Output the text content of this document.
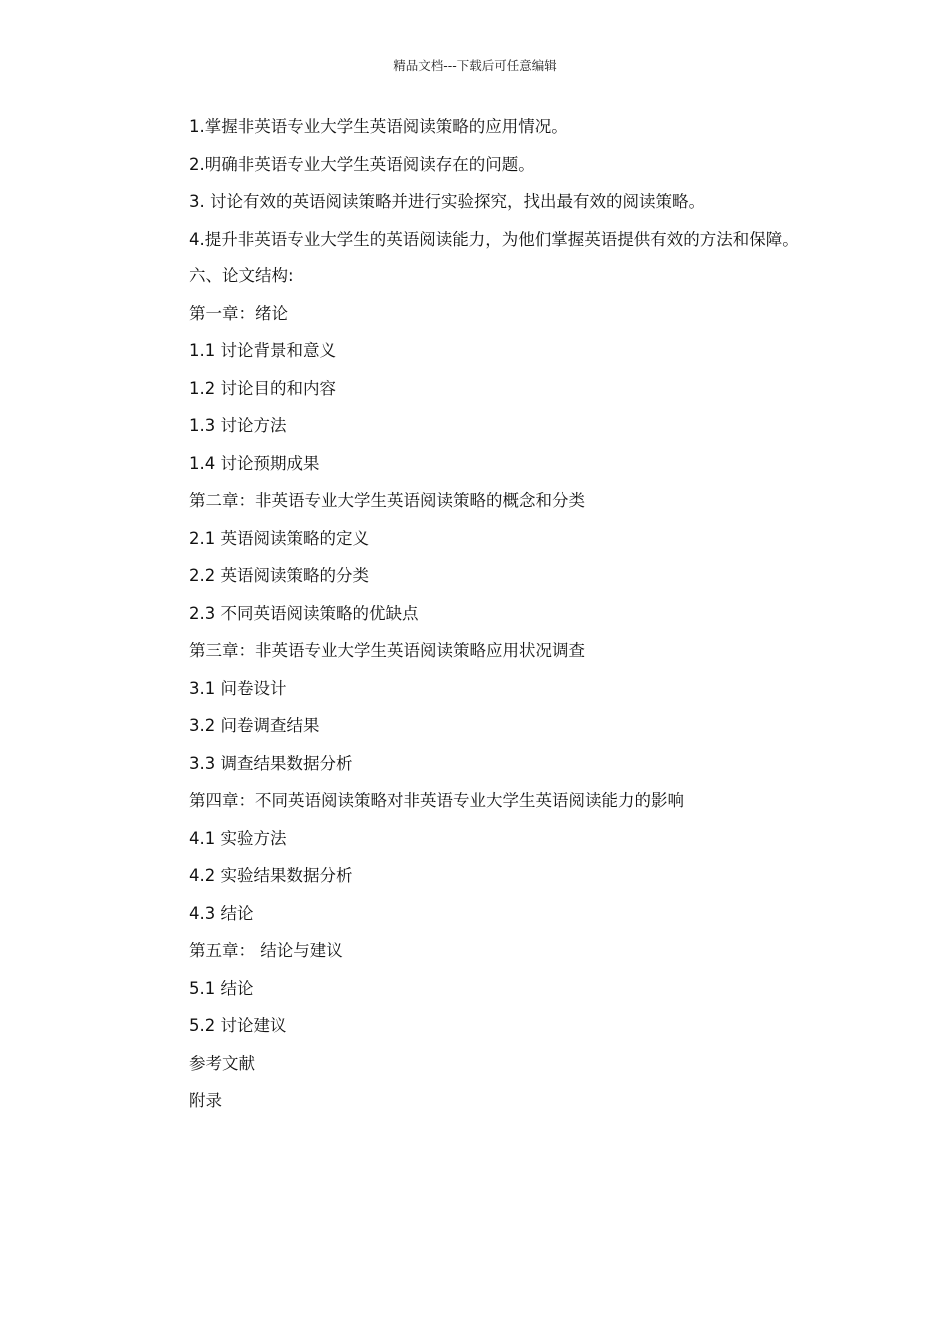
精品文档---下载后可任意编辑

1.掌握非英语专业大学生英语阅读策略的应用情况。

2.明确非英语专业大学生英语阅读存在的问题。

3. 讨论有效的英语阅读策略并进行实验探究，找出最有效的阅读策略。

4.提升非英语专业大学生的英语阅读能力，为他们掌握英语提供有效的方法和保障。

六、论文结构:

第一章：绪论

1.1 讨论背景和意义

1.2 讨论目的和内容

1.3 讨论方法

1.4 讨论预期成果

第二章：非英语专业大学生英语阅读策略的概念和分类

2.1 英语阅读策略的定义

2.2 英语阅读策略的分类

2.3 不同英语阅读策略的优缺点

第三章：非英语专业大学生英语阅读策略应用状况调查

3.1 问卷设计

3.2 问卷调查结果

3.3 调查结果数据分析

第四章：不同英语阅读策略对非英语专业大学生英语阅读能力的影响

4.1 实验方法

4.2 实验结果数据分析

4.3 结论

第五章： 结论与建议

5.1 结论

5.2 讨论建议

参考文献

附录
